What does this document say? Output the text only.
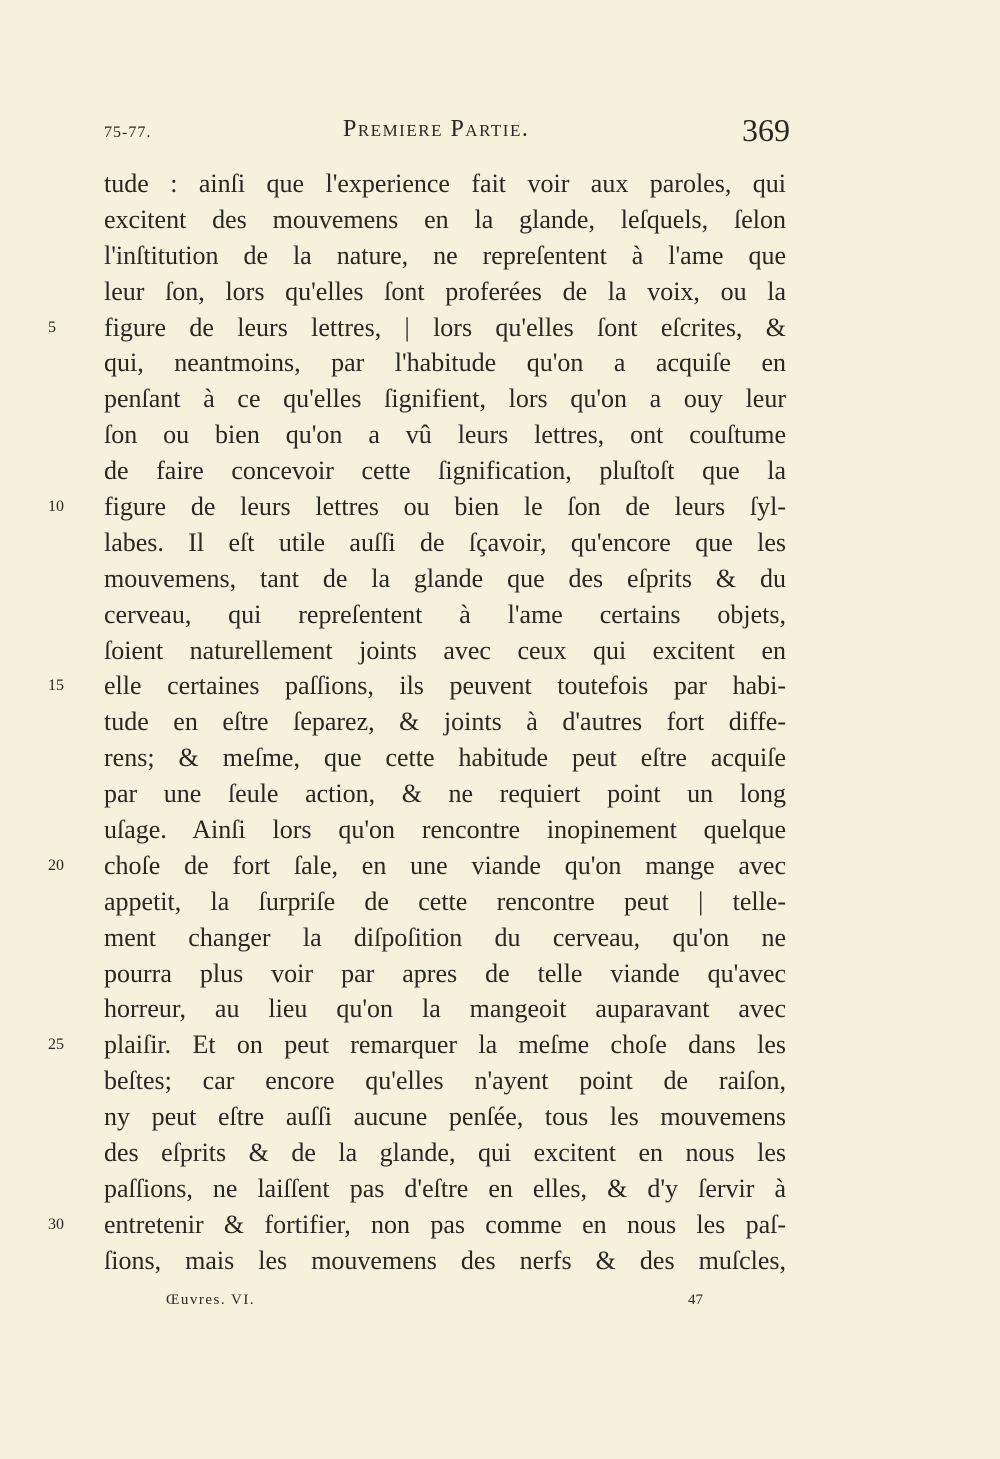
75-77.	Premiere Partie.	369
tude : ainſi que l'experience fait voir aux paroles, qui
excitent des mouvemens en la glande, leſquels, ſelon
l'inſtitution de la nature, ne repreſentent à l'ame que
leur ſon, lors qu'elles ſont proferées de la voix, ou la
5	figure de leurs lettres, | lors qu'elles ſont eſcrites, &
qui, neantmoins, par l'habitude qu'on a acquiſe en
penſant à ce qu'elles ſignifient, lors qu'on a ouy leur
ſon ou bien qu'on a vû leurs lettres, ont couſtume
de faire concevoir cette ſignification, pluſtoſt que la
10	figure de leurs lettres ou bien le ſon de leurs ſyl-
labes. Il eſt utile auſſi de ſçavoir, qu'encore que les
mouvemens, tant de la glande que des eſprits & du
cerveau, qui repreſentent à l'ame certains objets,
ſoient naturellement joints avec ceux qui excitent en
15	elle certaines paſſions, ils peuvent toutefois par habi-
tude en eſtre ſeparez, & joints à d'autres fort diffe-
rens; & meſme, que cette habitude peut eſtre acquiſe
par une ſeule action, & ne requiert point un long
uſage. Ainſi lors qu'on rencontre inopinement quelque
20	choſe de fort ſale, en une viande qu'on mange avec
appetit, la ſurpriſe de cette rencontre peut | telle-
ment changer la diſpoſition du cerveau, qu'on ne
pourra plus voir par apres de telle viande qu'avec
horreur, au lieu qu'on la mangeoit auparavant avec
25	plaiſir. Et on peut remarquer la meſme choſe dans les
beſtes; car encore qu'elles n'ayent point de raiſon,
ny peut eſtre auſſi aucune penſée, tous les mouvemens
des eſprits & de la glande, qui excitent en nous les
paſſions, ne laiſſent pas d'eſtre en elles, & d'y ſervir à
30	entretenir & fortifier, non pas comme en nous les paſ-
ſions, mais les mouvemens des nerfs & des muſcles,
Œuvres. VI.	47
